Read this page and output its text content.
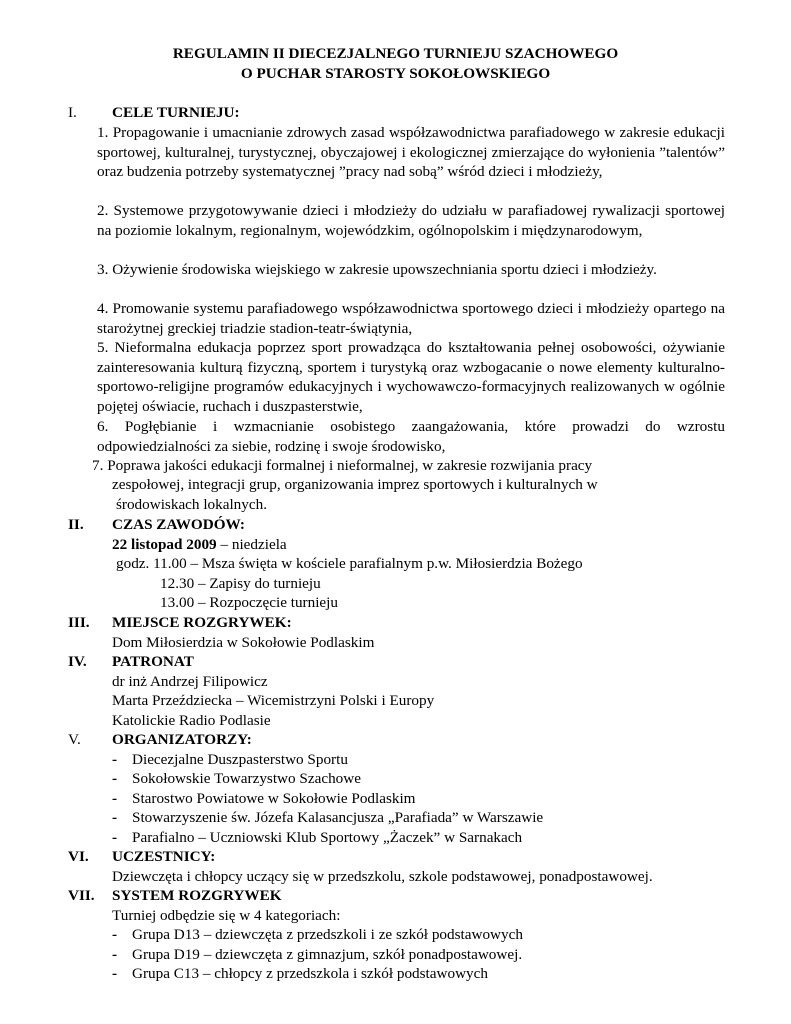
REGULAMIN II DIECEZJALNEGO TURNIEJU SZACHOWEGO
O PUCHAR STAROSTY SOKOŁOWSKIEGO
I.	CELE TURNIEJU:
1. Propagowanie i umacnianie zdrowych zasad współzawodnictwa parafiadowego w zakresie edukacji sportowej, kulturalnej, turystycznej, obyczajowej i ekologicznej zmierzające do wyłonienia ”talentów” oraz budzenia potrzeby systematycznej ”pracy nad sobą” wśród dzieci i młodzieży,
2. Systemowe przygotowywanie dzieci i młodzieży do udziału w parafiadowej rywalizacji sportowej na poziomie lokalnym, regionalnym, wojewódzkim, ogólnopolskim i międzynarodowym,
3. Ożywienie środowiska wiejskiego w zakresie upowszechniania sportu dzieci i młodzieży.
4. Promowanie systemu parafiadowego współzawodnictwa sportowego dzieci i młodzieży opartego na starożytnej greckiej triadzie stadion-teatr-świątynia,
5. Nieformalna edukacja poprzez sport prowadząca do kształtowania pełnej osobowości, ożywianie zainteresowania kulturą fizyczną, sportem i turystyką oraz wzbogacanie o nowe elementy kulturalno-sportowo-religijne programów edukacyjnych i wychowawczo-formacyjnych realizowanych w ogólnie pojętej oświacie, ruchach i duszpasterstwie,
6. Pogłębianie i wzmacnianie osobistego zaangażowania, które prowadzi do wzrostu odpowiedzialności za siebie, rodzinę i swoje środowisko,
7. Poprawa jakości edukacji formalnej i nieformalnej, w zakresie rozwijania pracy
zespołowej, integracji grup, organizowania imprez sportowych i kulturalnych w
środowiskach lokalnych.
II.	CZAS ZAWODÓW:
22 listopad 2009 – niedziela
godz. 11.00 – Msza święta w kościele parafialnym p.w. Miłosierdzia Bożego
12.30 – Zapisy do turnieju
13.00 – Rozpoczęcie turnieju
III.	MIEJSCE ROZGRYWEK:
Dom Miłosierdzia w Sokołowie Podlaskim
IV.	PATRONAT
dr inż Andrzej Filipowicz
Marta Przeździecka – Wicemistrzyni Polski i Europy
Katolickie Radio Podlasie
V.	ORGANIZATORZY:
- Diecezjalne Duszpasterstwo Sportu
- Sokołowskie Towarzystwo Szachowe
- Starostwo Powiatowe w Sokołowie Podlaskim
- Stowarzyszenie św. Józefa Kalasancjusza „Parafiada” w Warszawie
- Parafialno – Uczniowski Klub Sportowy „Żaczek” w Sarnakach
VI.	UCZESTNICY:
Dziewczęta i chłopcy uczący się w przedszkolu, szkole podstawowej, ponadpostawowej.
VII.	SYSTEM ROZGRYWEK
Turniej odbędzie się w 4 kategoriach:
- Grupa D13 – dziewczęta z przedszkoli i ze szkół podstawowych
- Grupa D19 – dziewczęta z gimnazjum, szkół ponadpostawowej.
- Grupa C13 – chłopcy z przedszkola i szkół podstawowych
